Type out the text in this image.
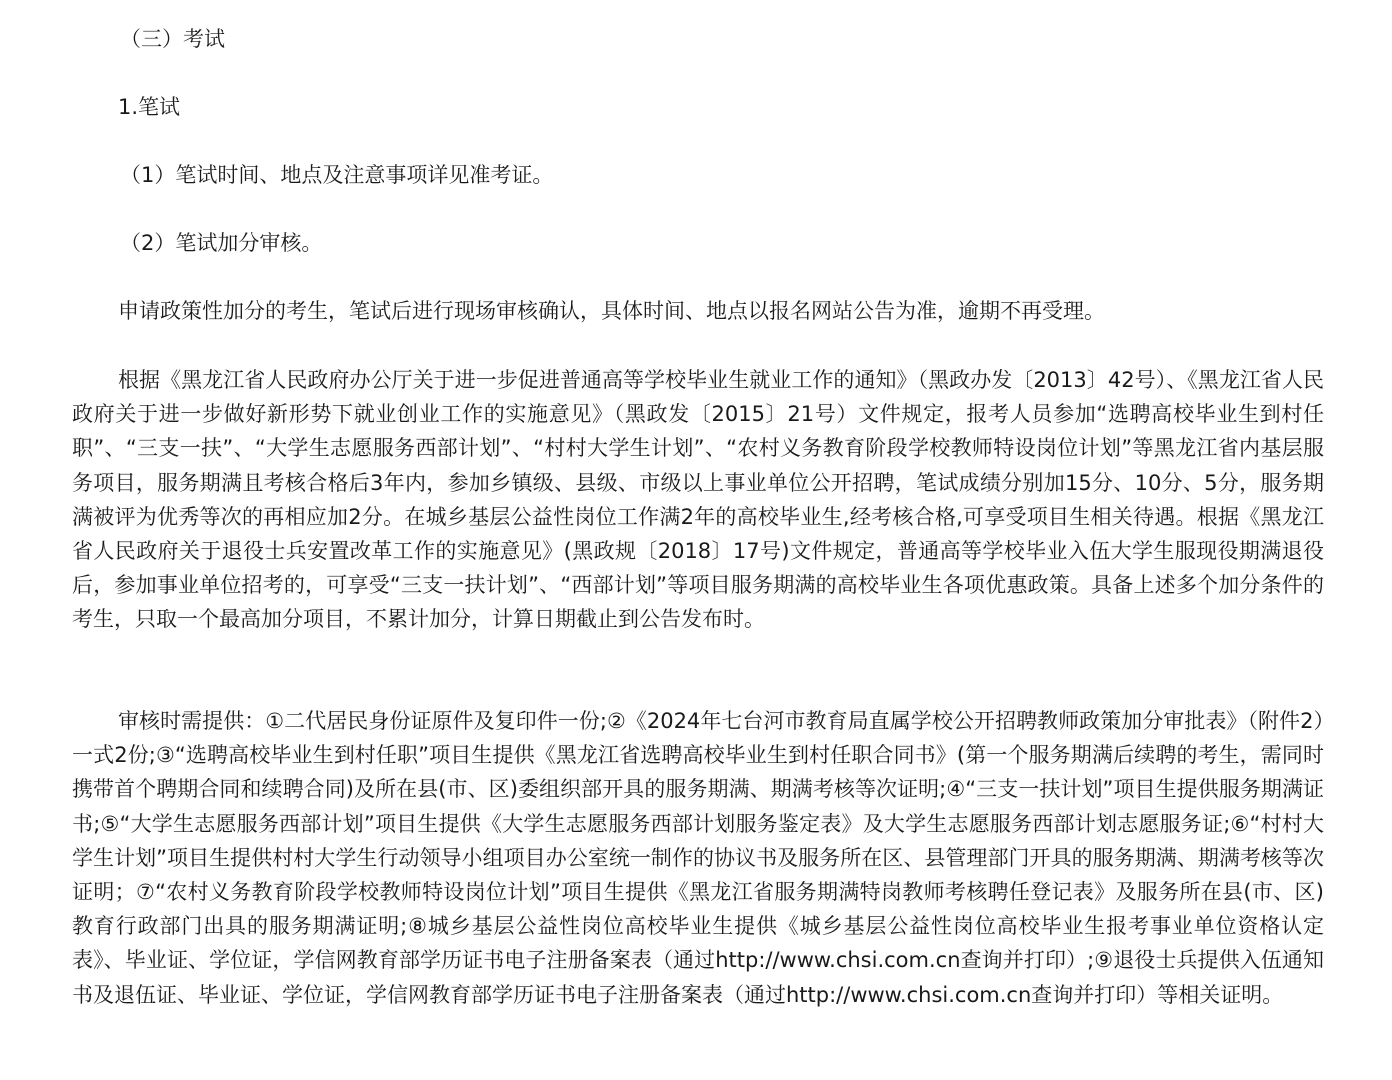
（三）考试

1.笔试

（1）笔试时间、地点及注意事项详见准考证。

（2）笔试加分审核。

申请政策性加分的考生，笔试后进行现场审核确认，具体时间、地点以报名网站公告为准，逾期不再受理。

根据《黑龙江省人民政府办公厅关于进一步促进普通高等学校毕业生就业工作的通知》（黑政办发〔2013〕42号）、《黑龙江省人民政府关于进一步做好新形势下就业创业工作的实施意见》（黑政发〔2015〕21号）文件规定，报考人员参加“选聘高校毕业生到村任职”、“三支一扶”、“大学生志愿服务西部计划”、“村村大学生计划”、“农村义务教育阶段学校教师特设岗位计划”等黑龙江省内基层服务项目，服务期满且考核合格后3年内，参加乡镇级、县级、市级以上事业单位公开招聘，笔试成绩分别加15分、10分、5分，服务期满被评为优秀等次的再相应加2分。在城乡基层公益性岗位工作满2年的高校毕业生,经考核合格,可享受项目生相关待遇。根据《黑龙江省人民政府关于退役士兵安置改革工作的实施意见》(黑政规〔2018〕17号)文件规定，普通高等学校毕业入伍大学生服现役期满退役后，参加事业单位招考的，可享受“三支一扶计划”、“西部计划”等项目服务期满的高校毕业生各项优惠政策。具备上述多个加分条件的考生，只取一个最高加分项目，不累计加分，计算日期截止到公告发布时。

审核时需提供：①二代居民身份证原件及复印件一份;②《2024年七台河市教育局直属学校公开招聘教师政策加分审批表》（附件2）一式2份;③“选聘高校毕业生到村任职”项目生提供《黑龙江省选聘高校毕业生到村任职合同书》(第一个服务期满后续聘的考生，需同时携带首个聘期合同和续聘合同)及所在县(市、区)委组织部开具的服务期满、期满考核等次证明;④“三支一扶计划”项目生提供服务期满证书;⑤“大学生志愿服务西部计划”项目生提供《大学生志愿服务西部计划服务鉴定表》及大学生志愿服务西部计划志愿服务证;⑥“村村大学生计划”项目生提供村村大学生行动领导小组项目办公室统一制作的协议书及服务所在区、县管理部门开具的服务期满、期满考核等次证明；⑦“农村义务教育阶段学校教师特设岗位计划”项目生提供《黑龙江省服务期满特岗教师考核聘任登记表》及服务所在县(市、区)教育行政部门出具的服务期满证明;⑧城乡基层公益性岗位高校毕业生提供《城乡基层公益性岗位高校毕业生报考事业单位资格认定表》、毕业证、学位证，学信网教育部学历证书电子注册备案表（通过http://www.chsi.com.cn查询并打印）;⑨退役士兵提供入伍通知书及退伍证、毕业证、学位证，学信网教育部学历证书电子注册备案表（通过http://www.chsi.com.cn查询并打印）等相关证明。
